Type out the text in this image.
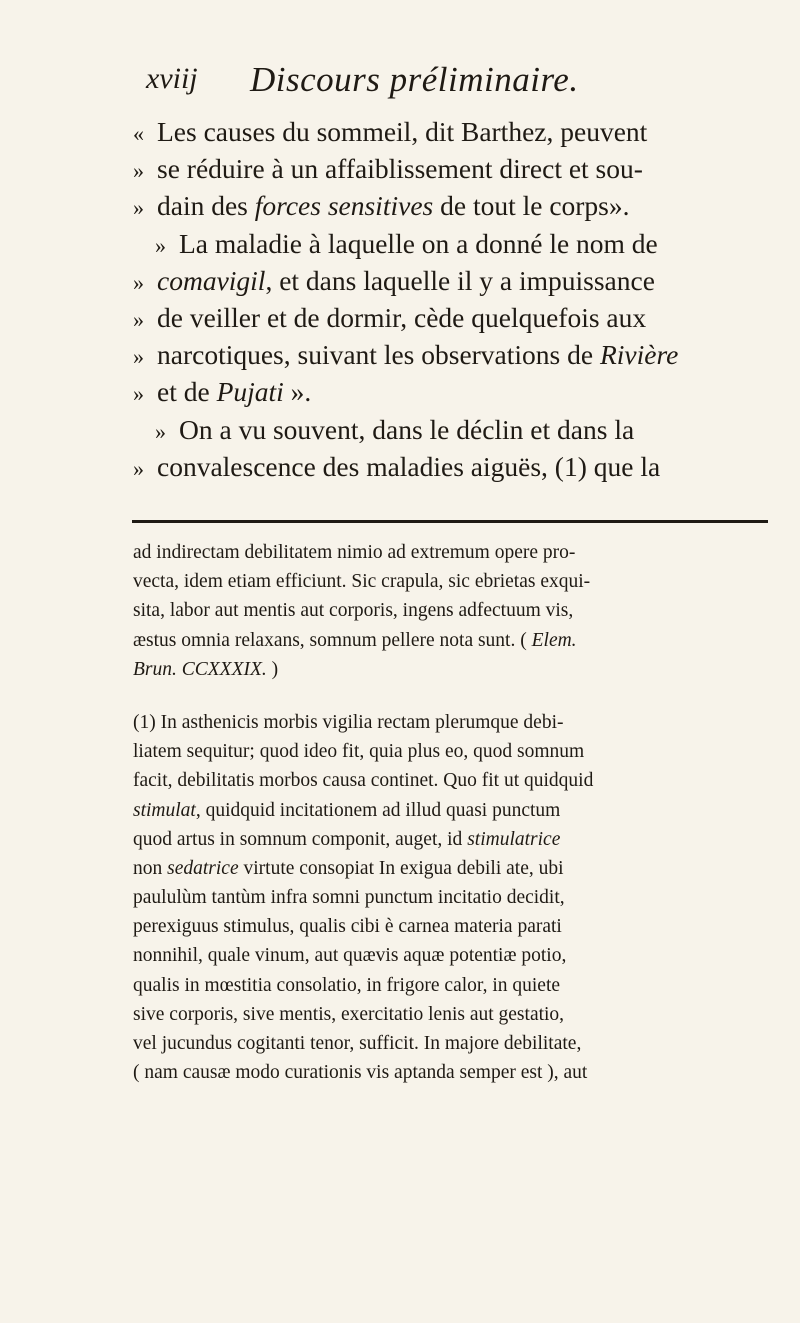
xviij Discours préliminaire.
« Les causes du sommeil, dit Barthez, peuvent
» se réduire à un affaiblissement direct et sou-
» dain des forces sensitives de tout le corps».
» La maladie à laquelle on a donné le nom de
» comavigil, et dans laquelle il y a impuissance
» de veiller et de dormir, cède quelquefois aux
» narcotiques, suivant les observations de Rivière
» et de Pujati ».
» On a vu souvent, dans le déclin et dans la
» convalescence des maladies aiguës, (1) que la
ad indirectam debilitatem nimio ad extremum opere pro-
vecta, idem etiam efficiunt. Sic crapula, sic ebrietas exqui-
sita, labor aut mentis aut corporis, ingens adfectuum vis,
æstus omnia relaxans, somnum pellere nota sunt. ( Elem.
Brun. CCXXXIX. )
(1) In asthenicis morbis vigilia rectam plerumque debi-
liatem sequitur; quod ideo fit, quia plus eo, quod somnum
facit, debilitatis morbos causa continet. Quo fit ut quidquid
stimulat, quidquid incitationem ad illud quasi punctum
quod artus in somnum componit, auget, id stimulatrice
non sedatrice virtute consopiat In exigua debili ate, ubi
paululùm tantùm infra somni punctum incitatio decidit,
perexiguus stimulus, qualis cibi è carnea materia parati
nonnihil, quale vinum, aut quævis aquæ potentiæ potio,
qualis in mœstitia consolatio, in frigore calor, in quiete
sive corporis, sive mentis, exercitatio lenis aut gestatio,
vel jucundus cogitanti tenor, sufficit. In majore debilitate,
( nam causæ modo curationis vis aptanda semper est ), aut
